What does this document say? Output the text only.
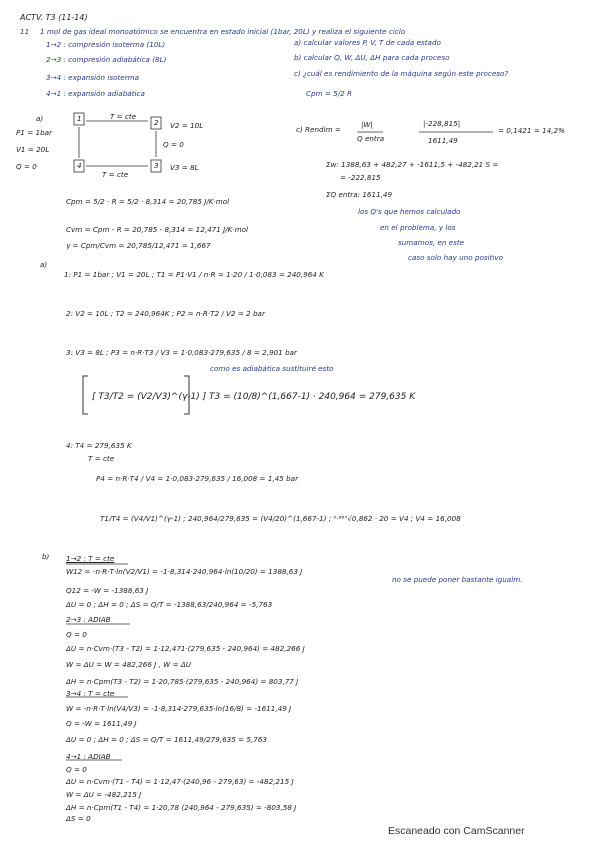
ACTV. T3 (11-14)
11 1 mol de gas ideal monoatómico se encuentra en estado inicial (1bar, 20L) y realiza el siguiente ciclo
1→2 : compresión isoterma (10L)
2→3 : compresión adiabática (8L)
3→4 : expansión isoterma
4→1 : expansión adiabática
a) calcular valores P, V, T de cada estado
b) calcular Q, W, ΔU, ΔH para cada proceso
c) ¿cuál es rendimiento de la máquina según este proceso?
Cpm = 5/2 R
a)
P1 = 1bar
V1 = 20L
Q = 0
T = cte
1	2
3
4
V2 = 10L
Q = 0
V3 = 8L
T = cte
c) Rendim =
|W|
Q entra
|-228,815|
1611,49
= 0,1421 = 14,2%
Σw: 1388,63 + 482,27 + -1611,5 + -482,21 S =
= -222,815
ΣQ entra: 1611,49
los Q's que hemos calculado
en el problema, y los
sumamos, en este
caso solo hay uno positivo
Cpm = 5/2 · R = 5/2 · 8,314 = 20,785 J/K·mol
Cvm = Cpm - R = 20,785 - 8,314 = 12,471 J/K·mol
γ = Cpm/Cvm = 20,785/12,471 = 1,667
a)
1: P1 = 1bar ; V1 = 20L ; T1 = P1·V1 / n·R = 1·20 / 1·0,083 = 240,964 K
2: V2 = 10L ; T2 = 240,964K ; P2 = n·R·T2 / V2 = 2 bar
3: V3 = 8L ; P3 = n·R·T3 / V3 = 1·0,083·279,635 / 8 = 2,901 bar
como es adiabática sustituiré esto
[ T3/T2 = (V2/V3)^(γ-1) ] T3 = (10/8)^(1,667-1) · 240,964 = 279,635 K
4: T4 = 279,635 K
T = cte
P4 = n·R·T4 / V4 = 1·0,083·279,635 / 16,008 = 1,45 bar
T1/T4 = (V4/V1)^(γ-1) ; 240,964/279,635 = (V4/20)^(1,667-1) ; ⁰·⁶⁶⁷√0,862 · 20 = V4 ; V4 = 16,008
b) 1→2 : T = cte
W12 = -n·R·T·ln(V2/V1) = -1·8,314·240,964·ln(10/20) = 1388,63 J
Q12 = -W = -1388,63 J
ΔU = 0 ; ΔH = 0 ; ΔS = Q/T = -1388,63/240,964 = -5,763
no se puede poner bastante igualm.
2→3 : ADIAB
Q = 0
ΔU = n·Cvm·(T3 - T2) = 1·12,471·(279,635 - 240,964) = 482,266 J
W = ΔU = W = 482,266 J , W = ΔU
ΔH = n·Cpm(T3 - T2) = 1·20,785·(279,635 - 240,964) = 803,77 J
3→4 : T = cte
W = -n·R·T·ln(V4/V3) = -1·8,314·279,635·ln(16/8) = -1611,49 J
Q = -W = 1611,49 J
ΔU = 0 ; ΔH = 0 ; ΔS = Q/T = 1611,49/279,635 = 5,763
4→1 : ADIAB
Q = 0
ΔU = n·Cvm·(T1 - T4) = 1·12,47·(240,96 - 279,63) = -482,215 J
W = ΔU = -482,215 J
ΔH = n·Cpm(T1 - T4) = 1·20,78 (240,964 - 279,635) = -803,58 J
ΔS = 0
Escaneado con CamScanner
